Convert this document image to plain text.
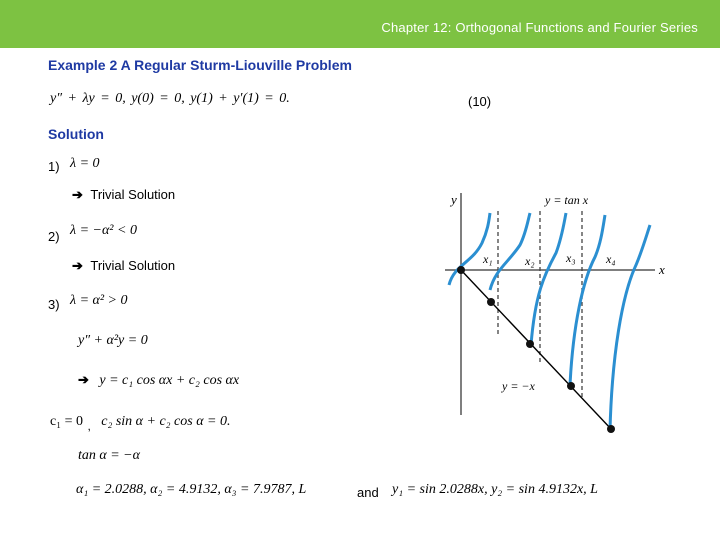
Chapter 12: Orthogonal Functions and Fourier Series
Example 2 A Regular Sturm-Liouville Problem
y″ + λy = 0, y(0) = 0, y(1) + y′(1) = 0.	(10)
Solution
1) λ = 0
➔ Trivial Solution
2) λ = −α² < 0
➔ Trivial Solution
3) λ = α² > 0
y″ + α²y = 0
➔ y = c₁ cos αx + c₂ cos αx
c₁ = 0 $_,$ c₂ sin α + c₂ cos α = 0.
tan α = −α
α₁ = 2.0288, α₂ = 4.9132, α₃ = 7.9787, L	and y₁ = sin 2.0288x, y₂ = sin 4.9132x, L
y
x
y = tan x
y = −x
x₁	x₂	x₃	x₄
